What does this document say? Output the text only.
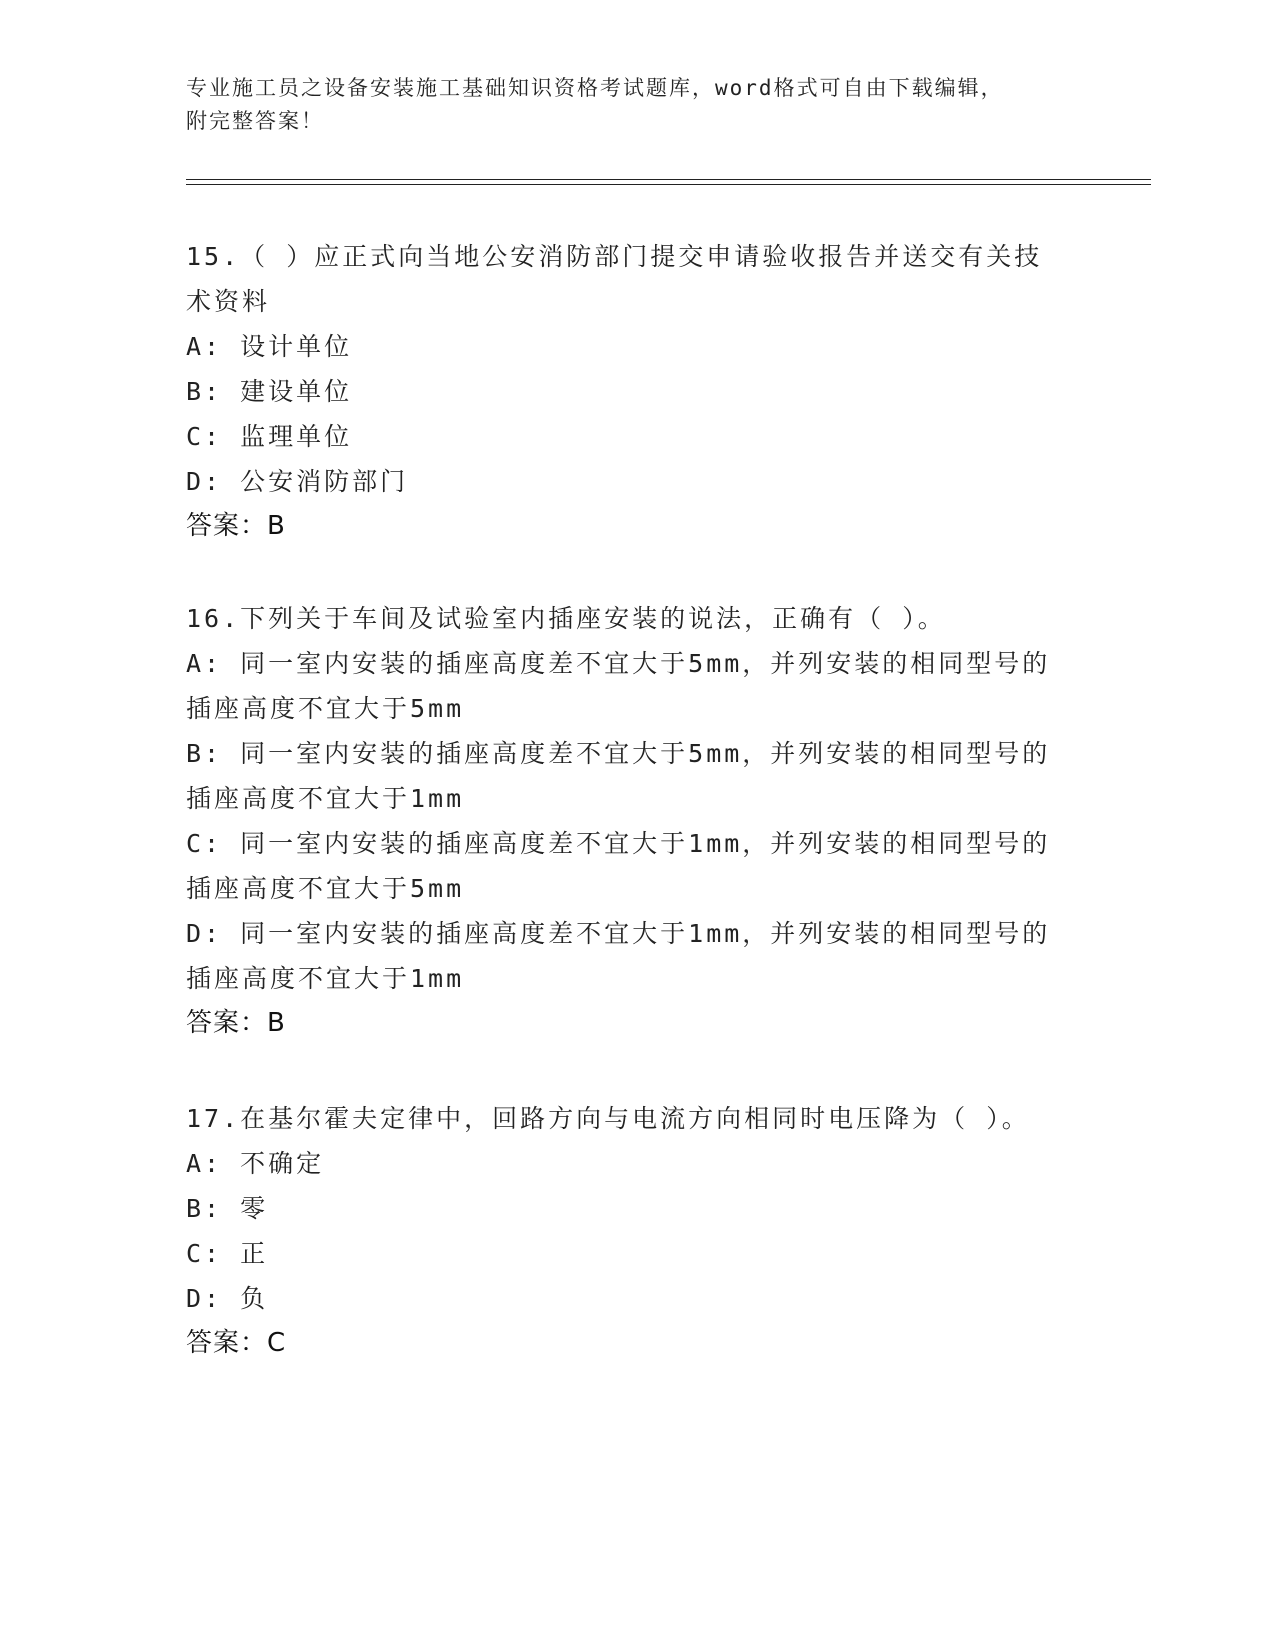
专业施工员之设备安装施工基础知识资格考试题库，word格式可自由下载编辑，
附完整答案！

15.（ ）应正式向当地公安消防部门提交申请验收报告并送交有关技

术资料

A: 设计单位

B: 建设单位

C: 监理单位

D: 公安消防部门

答案：B

16.下列关于车间及试验室内插座安装的说法，正确有（ ）。

A: 同一室内安装的插座高度差不宜大于5mm，并列安装的相同型号的

插座高度不宜大于5mm

B: 同一室内安装的插座高度差不宜大于5mm，并列安装的相同型号的

插座高度不宜大于1mm

C: 同一室内安装的插座高度差不宜大于1mm，并列安装的相同型号的

插座高度不宜大于5mm

D: 同一室内安装的插座高度差不宜大于1mm，并列安装的相同型号的

插座高度不宜大于1mm

答案：B

17.在基尔霍夫定律中，回路方向与电流方向相同时电压降为（ ）。

A: 不确定

B: 零

C: 正

D: 负

答案：C
